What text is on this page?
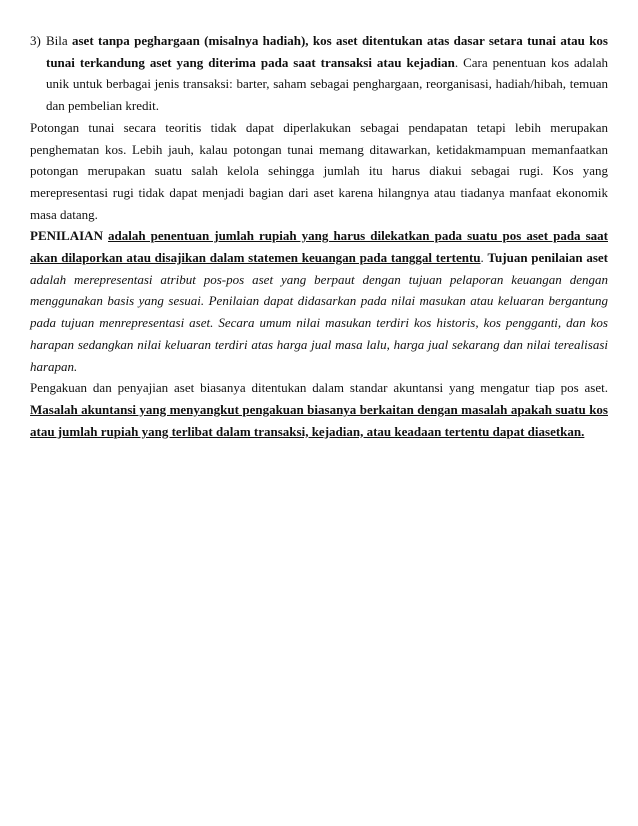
3) Bila aset tanpa peghargaan (misalnya hadiah), kos aset ditentukan atas dasar setara tunai atau kos tunai terkandung aset yang diterima pada saat transaksi atau kejadian. Cara penentuan kos adalah unik untuk berbagai jenis transaksi: barter, saham sebagai penghargaan, reorganisasi, hadiah/hibah, temuan dan pembelian kredit.

Potongan tunai secara teoritis tidak dapat diperlakukan sebagai pendapatan tetapi lebih merupakan penghematan kos. Lebih jauh, kalau potongan tunai memang ditawarkan, ketidakmampuan memanfaatkan potongan merupakan suatu salah kelola sehingga jumlah itu harus diakui sebagai rugi. Kos yang merepresentasi rugi tidak dapat menjadi bagian dari aset karena hilangnya atau tiadanya manfaat ekonomik masa datang.

PENILAIAN adalah penentuan jumlah rupiah yang harus dilekatkan pada suatu pos aset pada saat akan dilaporkan atau disajikan dalam statemen keuangan pada tanggal tertentu. Tujuan penilaian aset adalah merepresentasi atribut pos-pos aset yang berpaut dengan tujuan pelaporan keuangan dengan menggunakan basis yang sesuai. Penilaian dapat didasarkan pada nilai masukan atau keluaran bergantung pada tujuan menrepresentasi aset. Secara umum nilai masukan terdiri kos historis, kos pengganti, dan kos harapan sedangkan nilai keluaran terdiri atas harga jual masa lalu, harga jual sekarang dan nilai terealisasi harapan.

Pengakuan dan penyajian aset biasanya ditentukan dalam standar akuntansi yang mengatur tiap pos aset. Masalah akuntansi yang menyangkut pengakuan biasanya berkaitan dengan masalah apakah suatu kos atau jumlah rupiah yang terlibat dalam transaksi, kejadian, atau keadaan tertentu dapat diasetkan.
